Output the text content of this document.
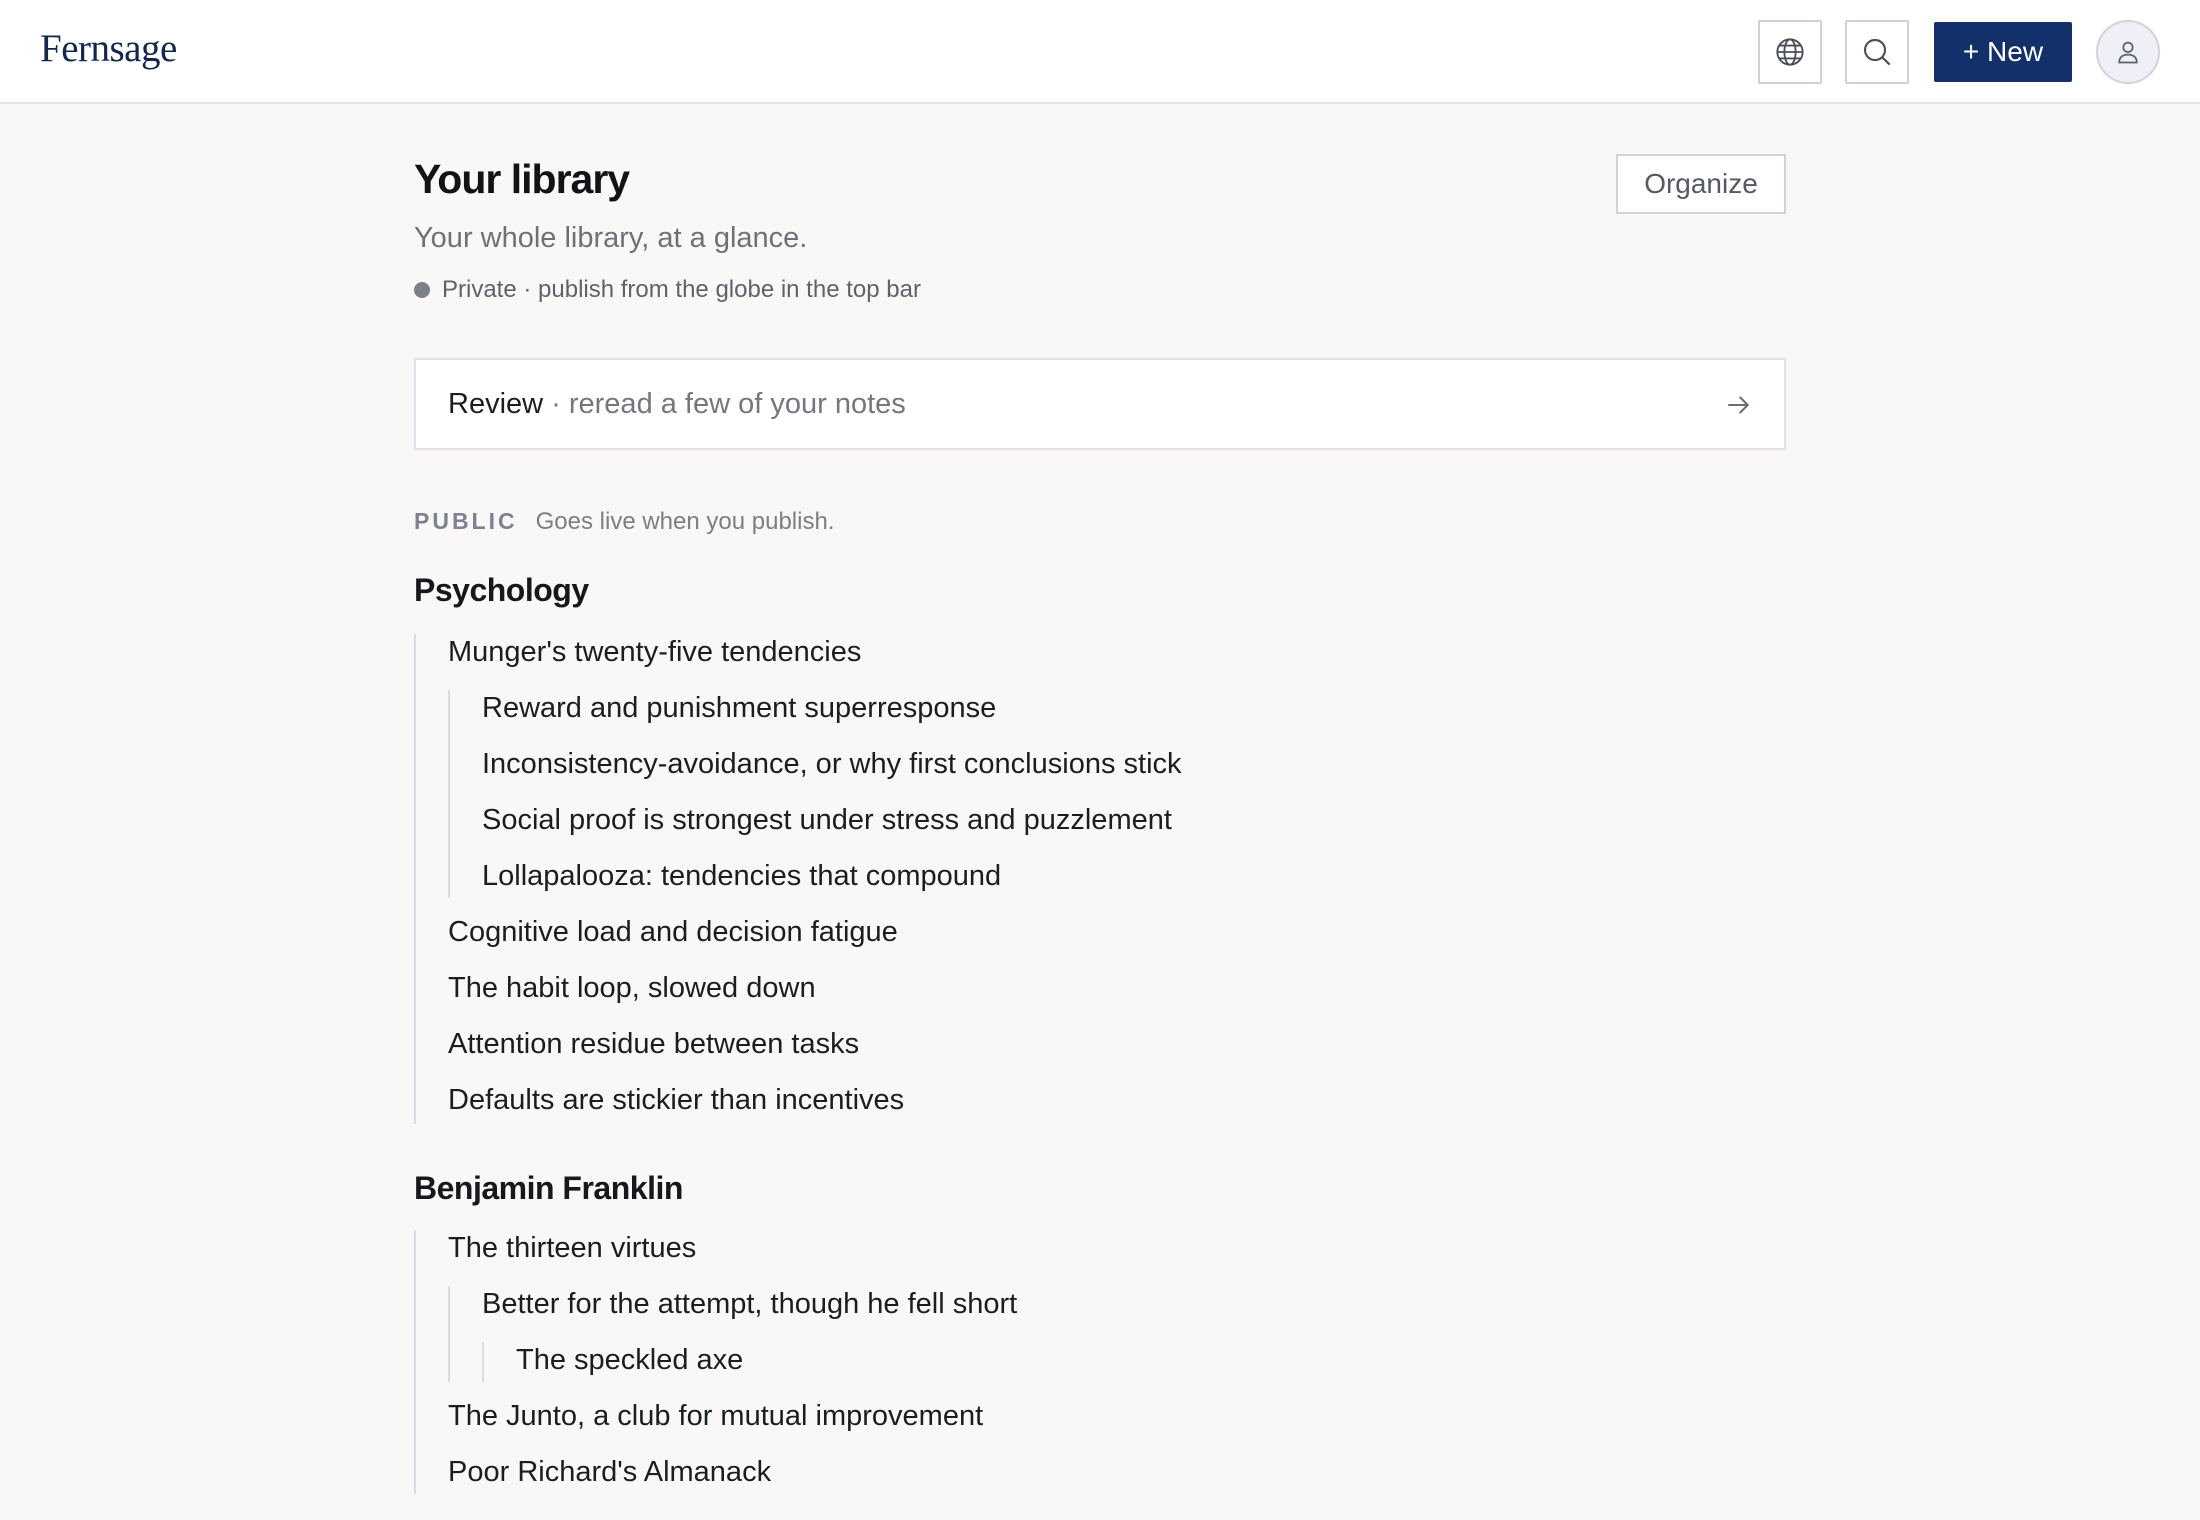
Fernsage	+ New
Your library
Your whole library, at a glance.
Private · publish from the globe in the top bar
Organize
Review · reread a few of your notes
PUBLIC Goes live when you publish.
Psychology
Munger's twenty-five tendencies
Reward and punishment superresponse
Inconsistency-avoidance, or why first conclusions stick
Social proof is strongest under stress and puzzlement
Lollapalooza: tendencies that compound
Cognitive load and decision fatigue
The habit loop, slowed down
Attention residue between tasks
Defaults are stickier than incentives
Benjamin Franklin
The thirteen virtues
Better for the attempt, though he fell short
The speckled axe
The Junto, a club for mutual improvement
Poor Richard's Almanack
